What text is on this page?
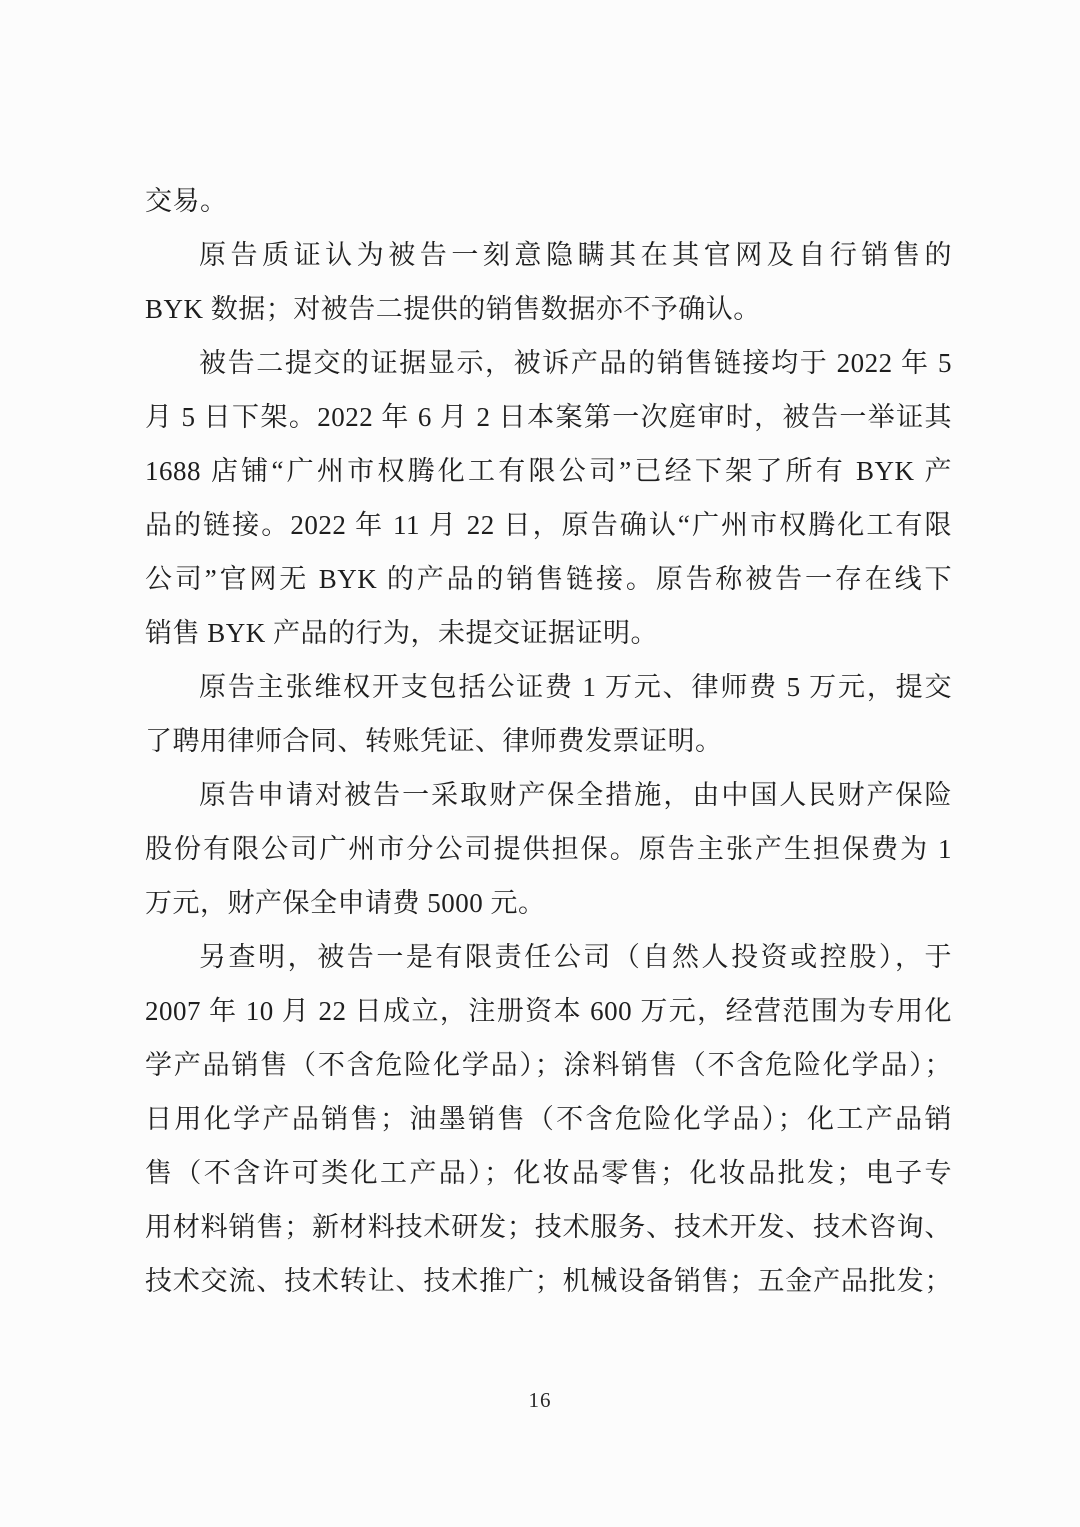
交易。

原告质证认为被告一刻意隐瞒其在其官网及自行销售的
BYK 数据；对被告二提供的销售数据亦不予确认。

被告二提交的证据显示，被诉产品的销售链接均于 2022 年 5
月 5 日下架。2022 年 6 月 2 日本案第一次庭审时，被告一举证其
1688 店铺“广州市权腾化工有限公司”已经下架了所有 BYK 产
品的链接。2022 年 11 月 22 日，原告确认“广州市权腾化工有限
公司”官网无 BYK 的产品的销售链接。原告称被告一存在线下
销售 BYK 产品的行为，未提交证据证明。

原告主张维权开支包括公证费 1 万元、律师费 5 万元，提交
了聘用律师合同、转账凭证、律师费发票证明。

原告申请对被告一采取财产保全措施，由中国人民财产保险
股份有限公司广州市分公司提供担保。原告主张产生担保费为 1
万元，财产保全申请费 5000 元。

另查明，被告一是有限责任公司（自然人投资或控股），于
2007 年 10 月 22 日成立，注册资本 600 万元，经营范围为专用化
学产品销售（不含危险化学品）；涂料销售（不含危险化学品）；
日用化学产品销售；油墨销售（不含危险化学品）；化工产品销
售（不含许可类化工产品）；化妆品零售；化妆品批发；电子专
用材料销售；新材料技术研发；技术服务、技术开发、技术咨询、
技术交流、技术转让、技术推广；机械设备销售；五金产品批发；

16
